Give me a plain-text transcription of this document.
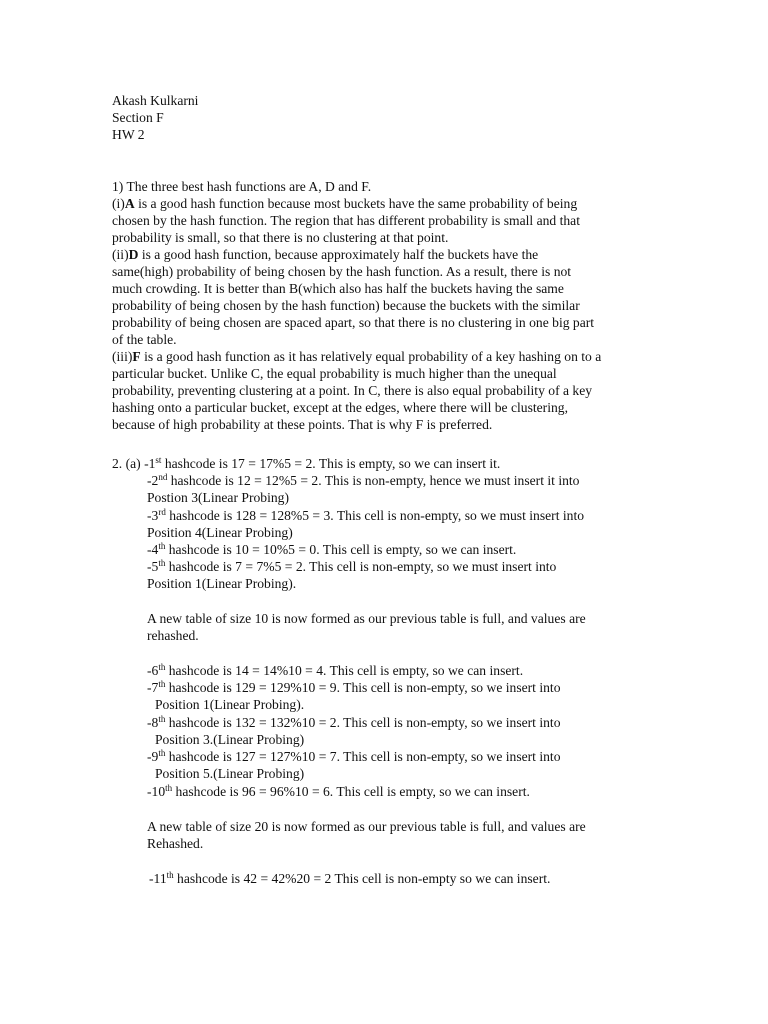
Akash Kulkarni
Section F
HW 2
1) The three best hash functions are A, D and F.
(i)A is a good hash function because most buckets have the same probability of being
chosen by the hash function. The region that has different probability is small and that
probability is small, so that there is no clustering at that point.
(ii)D is a good hash function, because approximately half the buckets have the
same(high) probability of being chosen by the hash function. As a result, there is not
much crowding. It is better than B(which also has half the buckets having the same
probability of being chosen by the hash function) because the buckets with the similar
probability of being chosen are spaced apart, so that there is no clustering in one big part
of the table.
(iii)F is a good hash function as it has relatively equal probability of a key hashing on to a
particular bucket. Unlike C, the equal probability is much higher than the unequal
probability, preventing clustering at a point. In C, there is also equal probability of a key
hashing onto a particular bucket, except at the edges, where there will be clustering,
because of high probability at these points. That is why F is preferred.
2. (a) -1st hashcode is 17 = 17%5 = 2. This is empty, so we can insert it.
-2nd hashcode is 12 = 12%5 = 2. This is non-empty, hence we must insert it into
Postion 3(Linear Probing)
-3rd hashcode is 128 = 128%5 = 3. This cell is non-empty, so we must insert into
Position 4(Linear Probing)
-4th hashcode is 10 = 10%5 = 0. This cell is empty, so we can insert.
-5th hashcode is 7 = 7%5 = 2. This cell is non-empty, so we must insert into
Position 1(Linear Probing).
A new table of size 10 is now formed as our previous table is full, and values are
rehashed.
-6th hashcode is 14 = 14%10 = 4. This cell is empty, so we can insert.
-7th hashcode is 129 = 129%10 = 9. This cell is non-empty, so we insert into
Position 1(Linear Probing).
-8th hashcode is 132 = 132%10 = 2. This cell is non-empty, so we insert into
Position 3.(Linear Probing)
-9th hashcode is 127 = 127%10 = 7. This cell is non-empty, so we insert into
Position 5.(Linear Probing)
-10th hashcode is 96 = 96%10 = 6. This cell is empty, so we can insert.
A new table of size 20 is now formed as our previous table is full, and values are
Rehashed.
-11th hashcode is 42 = 42%20 = 2 This cell is non-empty so we can insert.
